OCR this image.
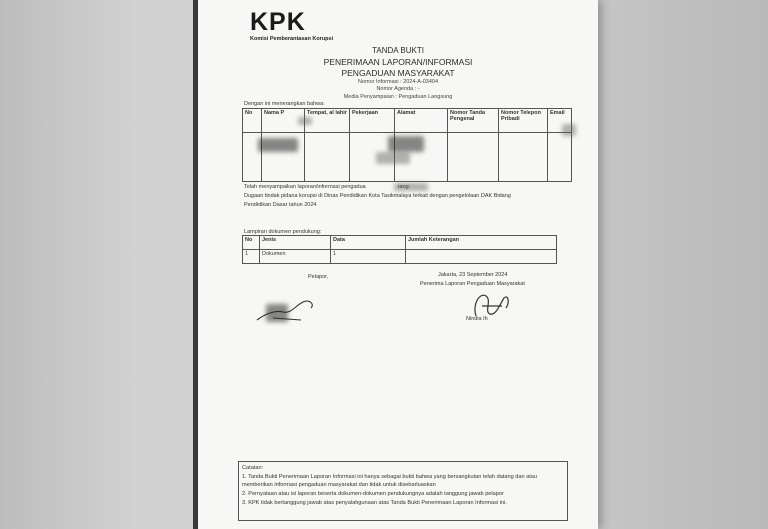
KPK
Komisi Pemberantasan Korupsi
TANDA BUKTI
PENERIMAAN LAPORAN/INFORMASI
PENGADUAN MASYARAKAT
Nomor Informasi : 2024-A-03404
Nomor Agenda : -
Media Penyampaian : Pengaduan Langsung
Dengan ini menerangkan bahwa:
No	Nama P	Tempat, al lahir	Pekerjaan	Alamat	Nomor Tanda Pengenal	Nomor Telepon Pribadi	Email

Telah menyampaikan laporan/informasi pengadua	rang:
Dugaan tindak pidana korupsi di Dinas Pendidikan Kota Tasikmalaya terkait dengan pengelolaan DAK Bidang
Pendidikan Dasar tahun 2024
Lampiran dokumen pendukung:
No	Jenis	Data	Jumlah Keterangan
1	Dokumen	1	
Pelapor,	Jakarta, 23 September 2024
Penerima Laporan Pengaduan Masyarakat
Nindia Ih
Catatan:
1. Tanda Bukti Penerimaan Laporan Informasi ini hanya sebagai bukti bahwa yang bersangkutan telah datang dan atau
memberikan informasi pengaduan masyarakat dan tidak untuk disebarluaskan
2. Pernyataan atau isi laporan beserta dokumen-dokumen pendukungnya adalah tanggung jawab pelapor
3. KPK tidak bertanggung jawab atas penyalahgunaan atas Tanda Bukti Penerimaan Laporan Informasi ini.
